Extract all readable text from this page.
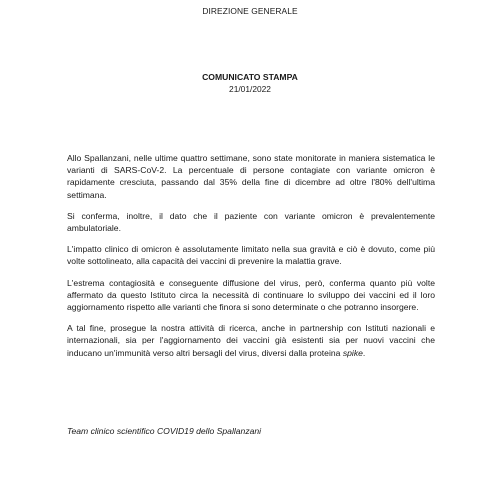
DIREZIONE GENERALE
COMUNICATO STAMPA
21/01/2022

Allo Spallanzani, nelle ultime quattro settimane, sono state monitorate in maniera sistematica le varianti di SARS-CoV-2. La percentuale di persone contagiate con variante omicron è rapidamente cresciuta, passando dal 35% della fine di dicembre ad oltre l'80% dell'ultima settimana.

Si conferma, inoltre, il dato che il paziente con variante omicron è prevalentemente ambulatoriale.

L'impatto clinico di omicron è assolutamente limitato nella sua gravità e ciò è dovuto, come più volte sottolineato, alla capacità dei vaccini di prevenire la malattia grave.

L'estrema contagiosità e conseguente diffusione del virus, però, conferma quanto più volte affermato da questo Istituto circa la necessità di continuare lo sviluppo dei vaccini ed il loro aggiornamento rispetto alle varianti che finora si sono determinate o che potranno insorgere.

A tal fine, prosegue la nostra attività di ricerca, anche in partnership con Istituti nazionali e internazionali, sia per l'aggiornamento dei vaccini già esistenti sia per nuovi vaccini che inducano un'immunità verso altri bersagli del virus, diversi dalla proteina spike.

Team clinico scientifico COVID19 dello Spallanzani
